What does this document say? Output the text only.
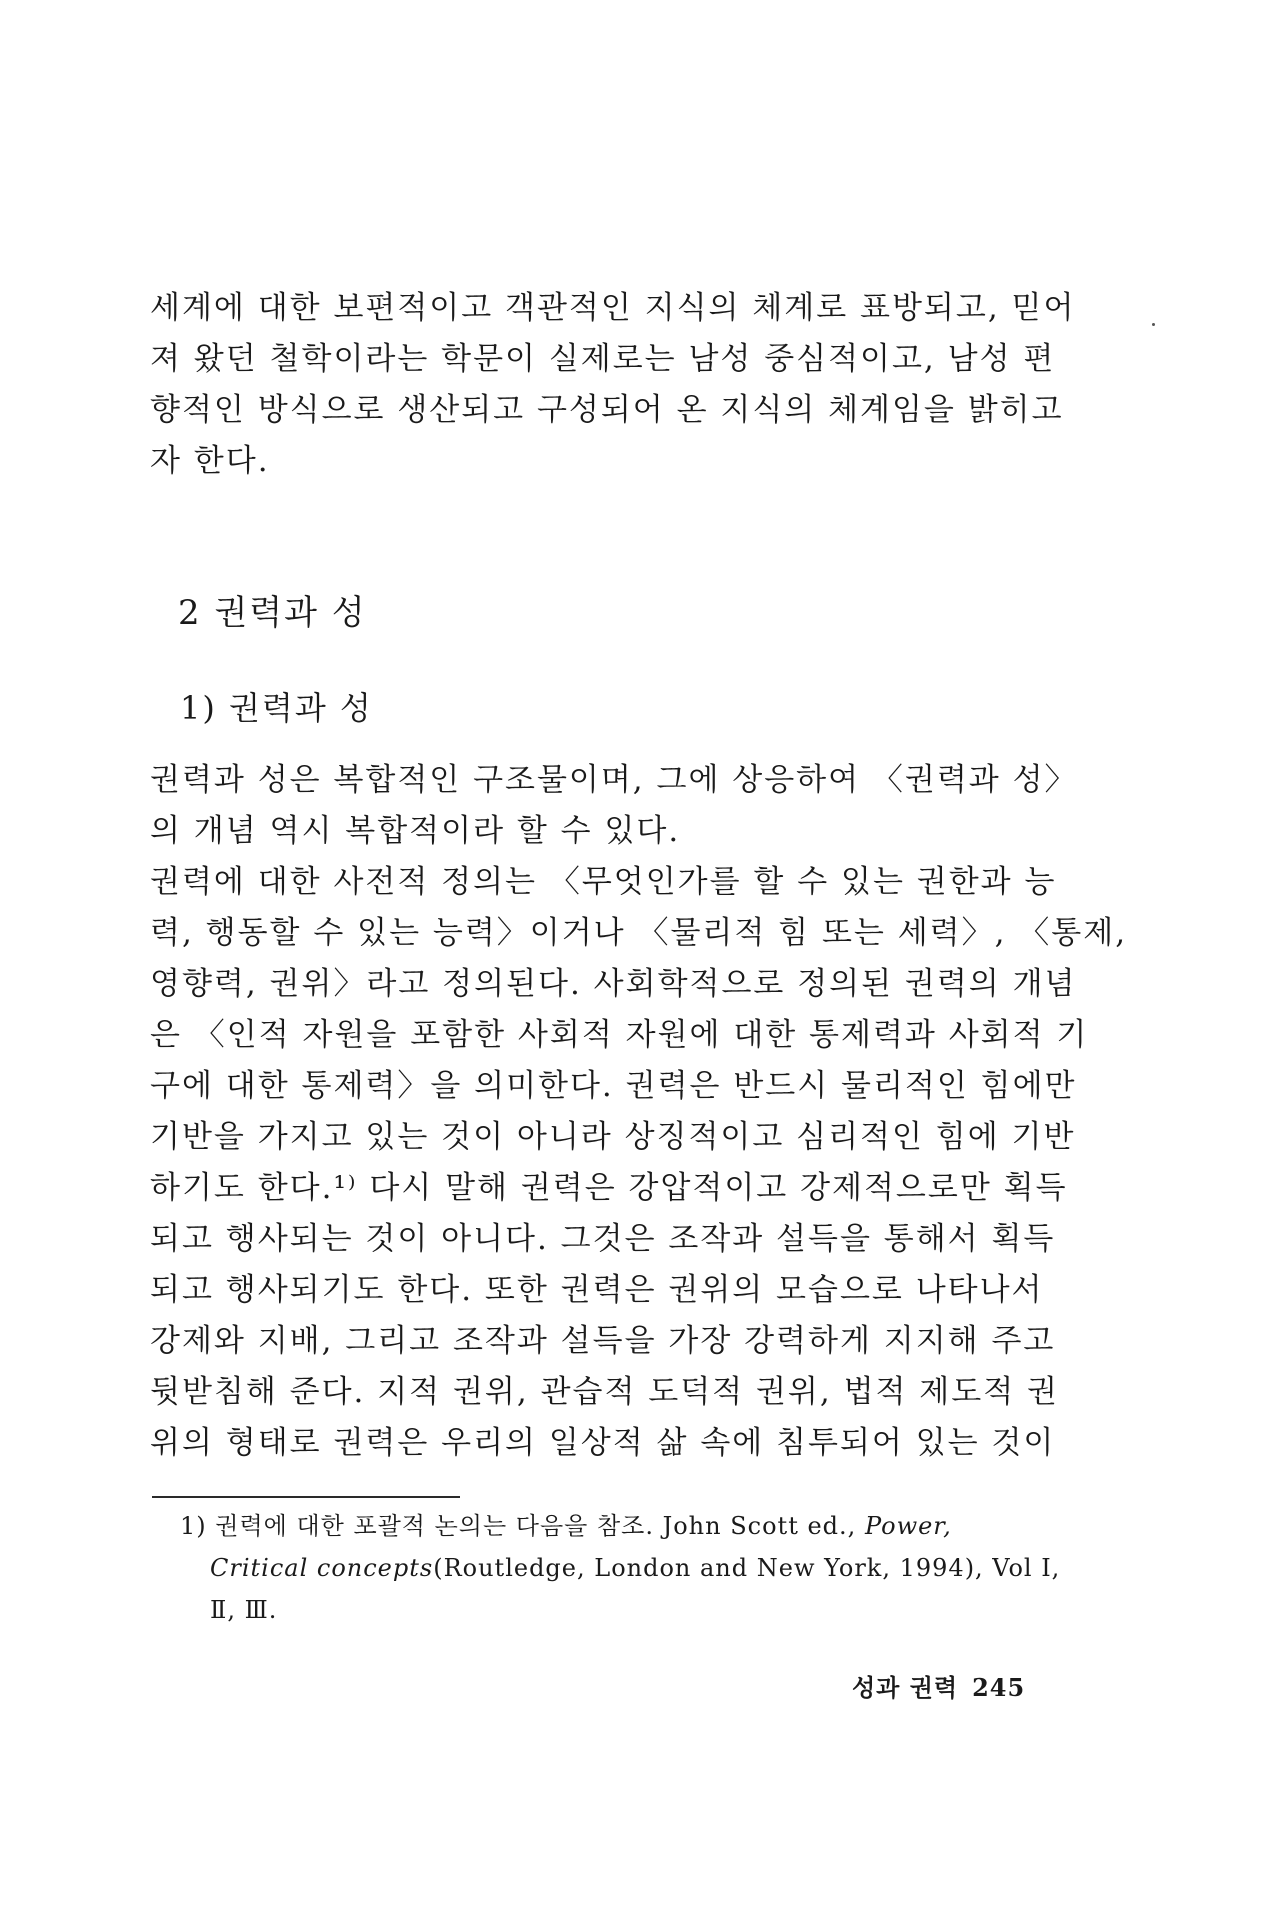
세계에 대한 보편적이고 객관적인 지식의 체계로 표방되고, 믿어
져 왔던 철학이라는 학문이 실제로는 남성 중심적이고, 남성 편
향적인 방식으로 생산되고 구성되어 온 지식의 체계임을 밝히고
자 한다.
2 권력과 성
1) 권력과 성
권력과 성은 복합적인 구조물이며, 그에 상응하여 〈권력과 성〉
의 개념 역시 복합적이라 할 수 있다.
권력에 대한 사전적 정의는 〈무엇인가를 할 수 있는 권한과 능
력, 행동할 수 있는 능력〉이거나 〈물리적 힘 또는 세력〉, 〈통제,
영향력, 권위〉라고 정의된다. 사회학적으로 정의된 권력의 개념
은 〈인적 자원을 포함한 사회적 자원에 대한 통제력과 사회적 기
구에 대한 통제력〉을 의미한다. 권력은 반드시 물리적인 힘에만
기반을 가지고 있는 것이 아니라 상징적이고 심리적인 힘에 기반
하기도 한다.¹⁾ 다시 말해 권력은 강압적이고 강제적으로만 획득
되고 행사되는 것이 아니다. 그것은 조작과 설득을 통해서 획득
되고 행사되기도 한다. 또한 권력은 권위의 모습으로 나타나서
강제와 지배, 그리고 조작과 설득을 가장 강력하게 지지해 주고
뒷받침해 준다. 지적 권위, 관습적 도덕적 권위, 법적 제도적 권
위의 형태로 권력은 우리의 일상적 삶 속에 침투되어 있는 것이
1) 권력에 대한 포괄적 논의는 다음을 참조. John Scott ed., Power,
Critical concepts(Routledge, London and New York, 1994), Vol Ⅰ,
Ⅱ, Ⅲ.
성과 권력 245
